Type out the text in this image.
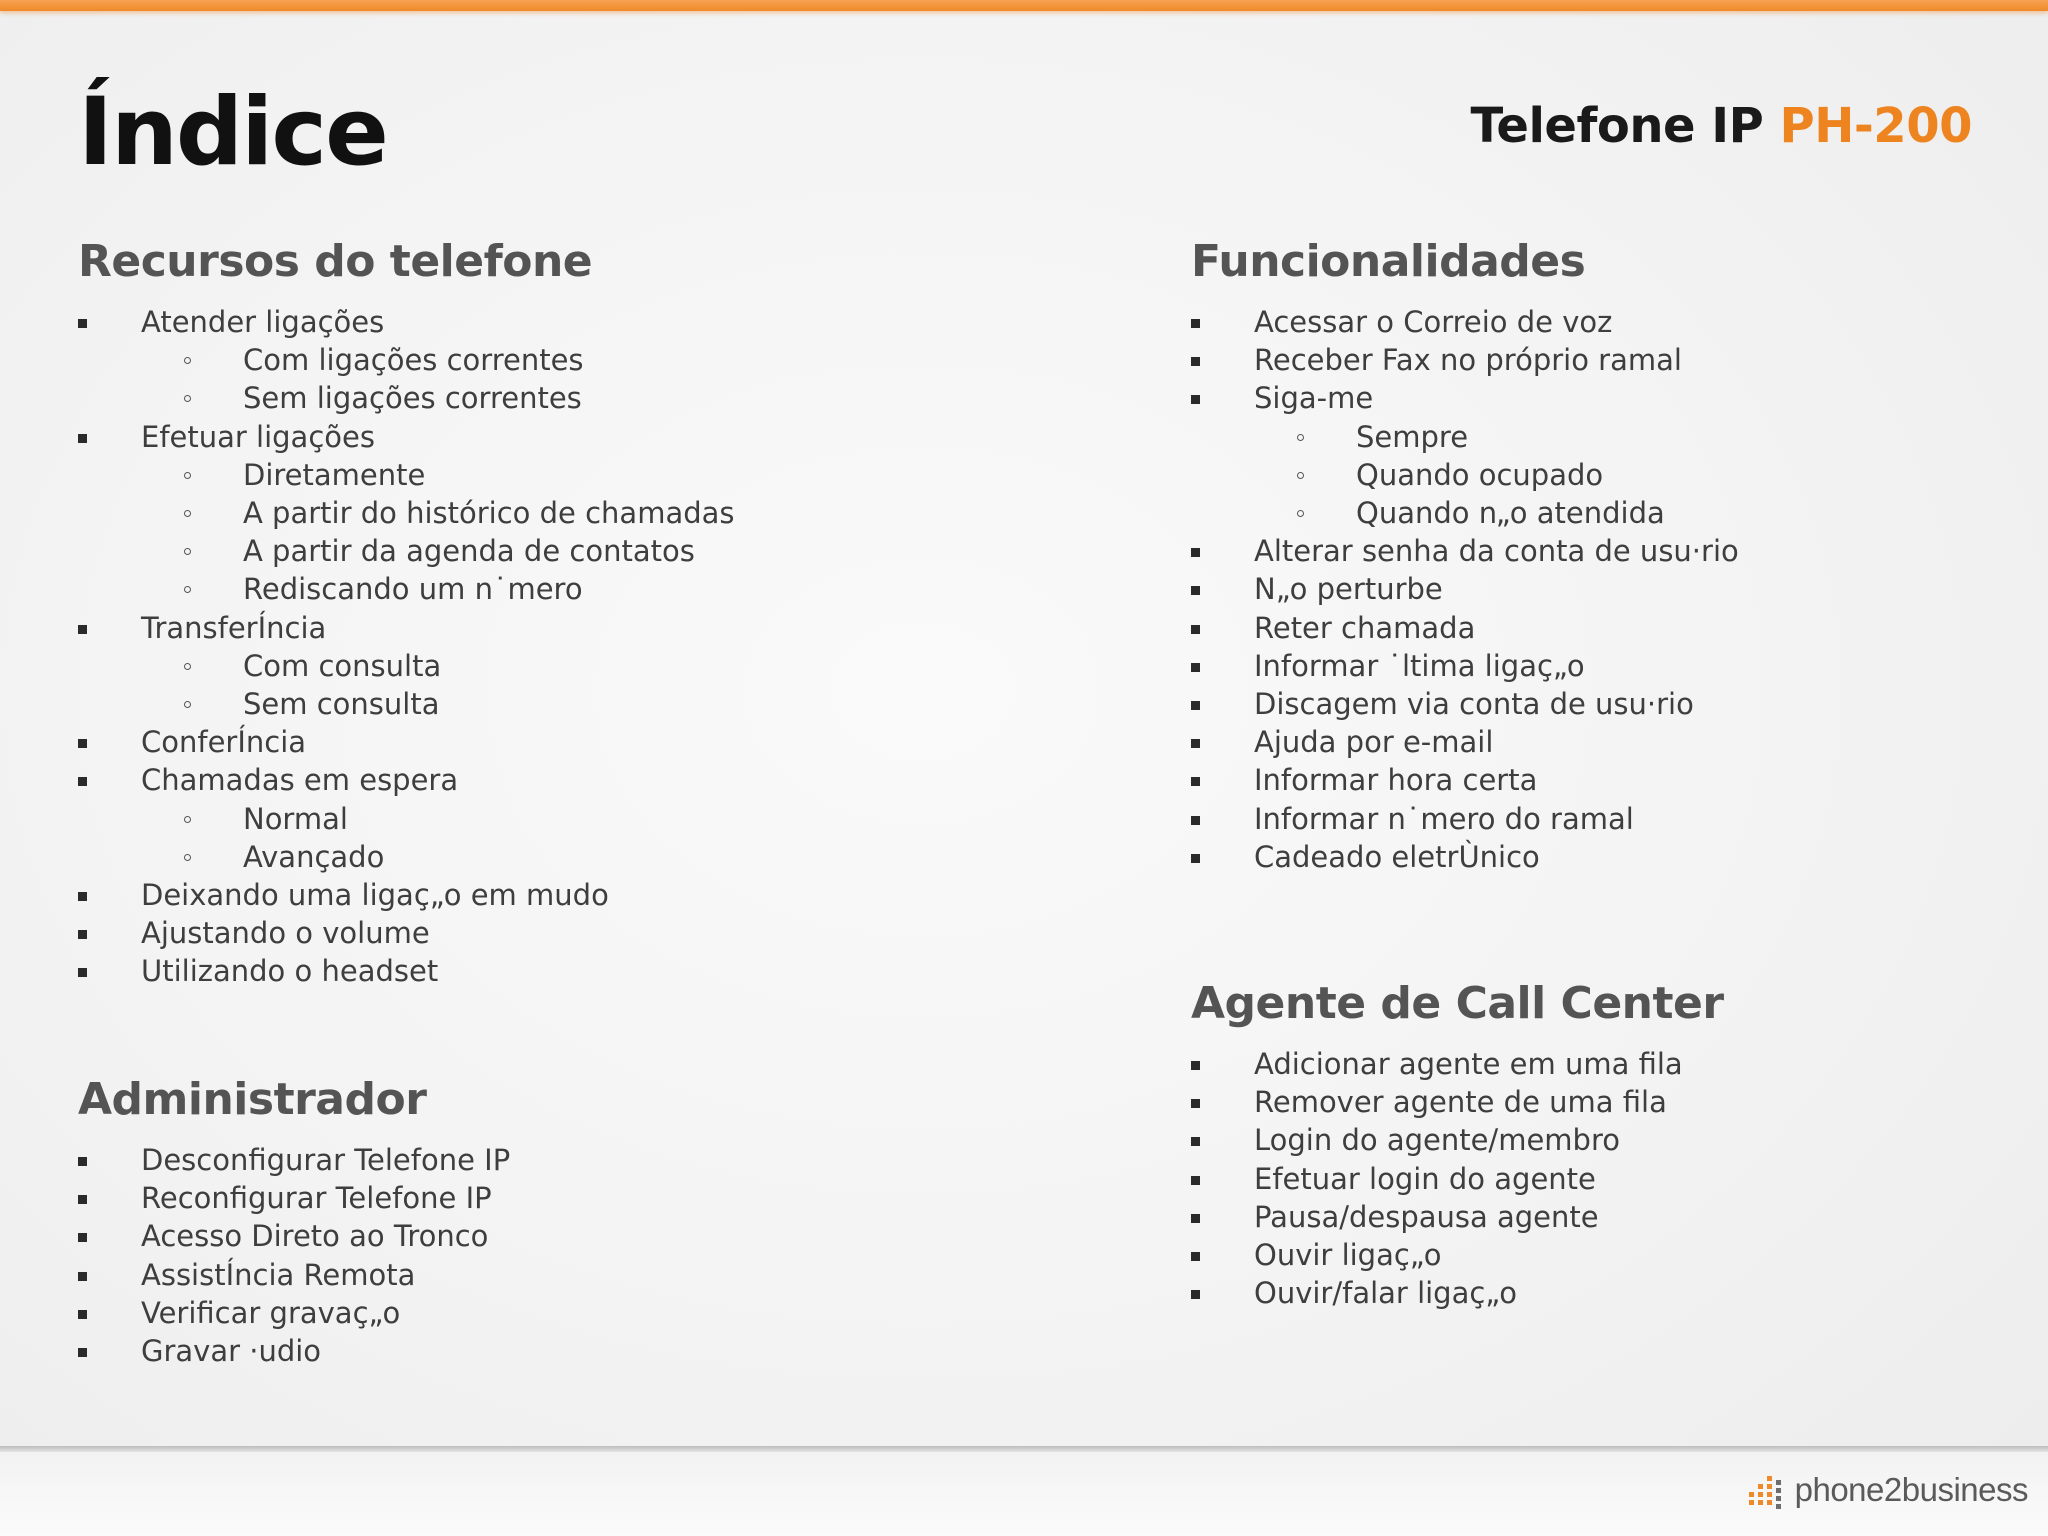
Índice	Telefone IP PH-200
Recursos do telefone
Atender ligações
Com ligações correntes
Sem ligações correntes
Efetuar ligações
Diretamente
A partir do histórico de chamadas
A partir da agenda de contatos
Rediscando um n˙mero
TransferÍncia
Com consulta
Sem consulta
ConferÍncia
Chamadas em espera
Normal
Avançado
Deixando uma ligaç„o em mudo
Ajustando o volume
Utilizando o headset
Administrador
Desconfigurar Telefone IP
Reconfigurar Telefone IP
Acesso Direto ao Tronco
AssistÍncia Remota
Verificar gravaç„o
Gravar ·udio
Funcionalidades
Acessar o Correio de voz
Receber Fax no próprio ramal
Siga-me
Sempre
Quando ocupado
Quando n„o atendida
Alterar senha da conta de usu·rio
N„o perturbe
Reter chamada
Informar ˙ltima ligaç„o
Discagem via conta de usu·rio
Ajuda por e-mail
Informar hora certa
Informar n˙mero do ramal
Cadeado eletrÙnico
Agente de Call Center
Adicionar agente em uma fila
Remover agente de uma fila
Login do agente/membro
Efetuar login do agente
Pausa/despausa agente
Ouvir ligaç„o
Ouvir/falar ligaç„o
phone2business
